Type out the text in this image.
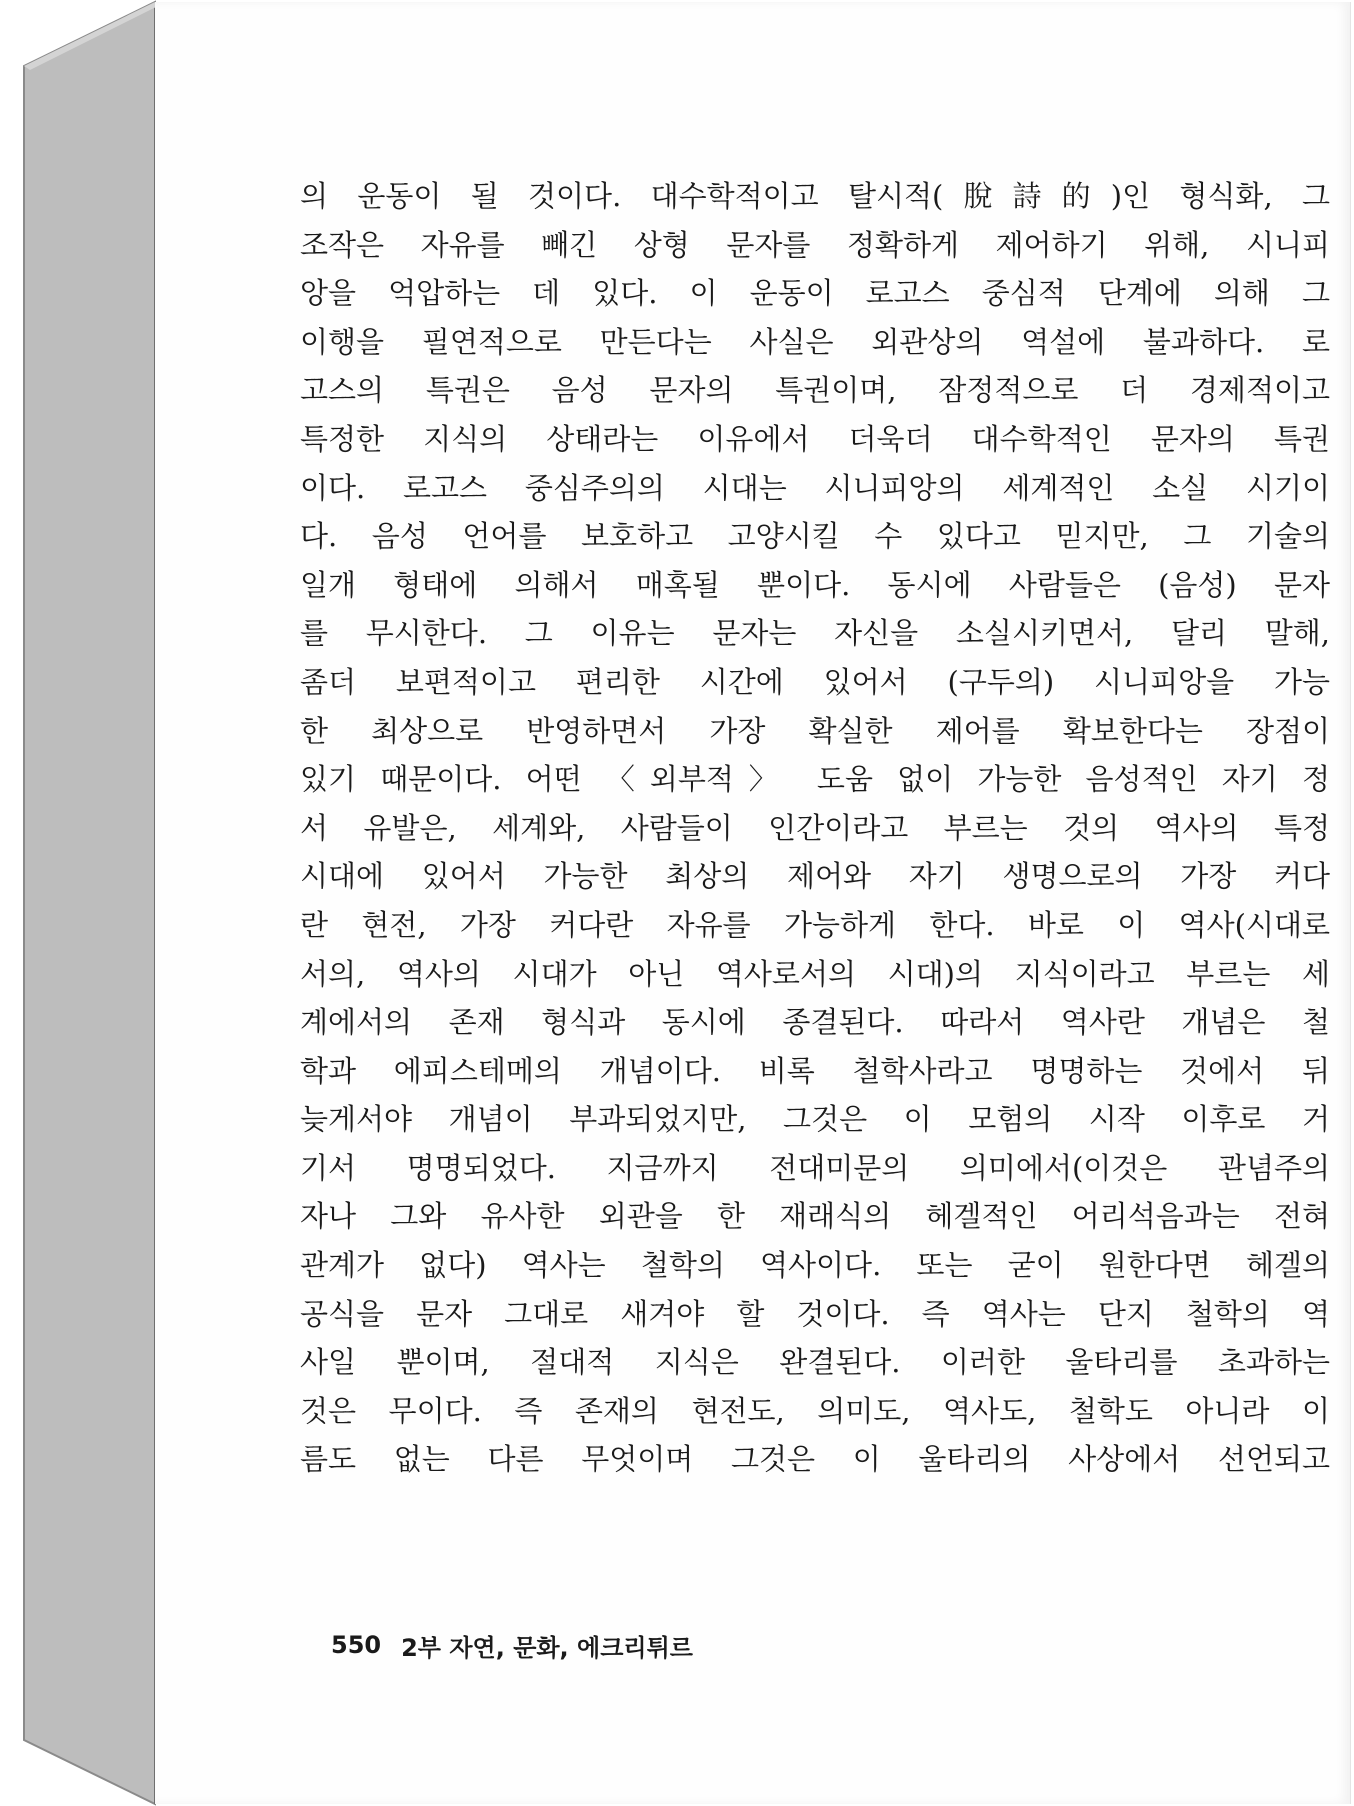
의 운동이 될 것이다. 대수학적이고 탈시적(脫詩的)인 형식화, 그
조작은 자유를 빼긴 상형 문자를 정확하게 제어하기 위해, 시니피
앙을 억압하는 데 있다. 이 운동이 로고스 중심적 단계에 의해 그
이행을 필연적으로 만든다는 사실은 외관상의 역설에 불과하다. 로
고스의 특권은 음성 문자의 특권이며, 잠정적으로 더 경제적이고
특정한 지식의 상태라는 이유에서 더욱더 대수학적인 문자의 특권
이다. 로고스 중심주의의 시대는 시니피앙의 세계적인 소실 시기이
다. 음성 언어를 보호하고 고양시킬 수 있다고 믿지만, 그 기술의
일개 형태에 의해서 매혹될 뿐이다. 동시에 사람들은 (음성) 문자
를 무시한다. 그 이유는 문자는 자신을 소실시키면서, 달리 말해,
좀더 보편적이고 편리한 시간에 있어서 (구두의) 시니피앙을 가능
한 최상으로 반영하면서 가장 확실한 제어를 확보한다는 장점이
있기 때문이다. 어떤 〈외부적〉 도움 없이 가능한 음성적인 자기 정
서 유발은, 세계와, 사람들이 인간이라고 부르는 것의 역사의 특정
시대에 있어서 가능한 최상의 제어와 자기 생명으로의 가장 커다
란 현전, 가장 커다란 자유를 가능하게 한다. 바로 이 역사(시대로
서의, 역사의 시대가 아닌 역사로서의 시대)의 지식이라고 부르는 세
계에서의 존재 형식과 동시에 종결된다. 따라서 역사란 개념은 철
학과 에피스테메의 개념이다. 비록 철학사라고 명명하는 것에서 뒤
늦게서야 개념이 부과되었지만, 그것은 이 모험의 시작 이후로 거
기서 명명되었다. 지금까지 전대미문의 의미에서(이것은 관념주의
자나 그와 유사한 외관을 한 재래식의 헤겔적인 어리석음과는 전혀
관계가 없다) 역사는 철학의 역사이다. 또는 굳이 원한다면 헤겔의
공식을 문자 그대로 새겨야 할 것이다. 즉 역사는 단지 철학의 역
사일 뿐이며, 절대적 지식은 완결된다. 이러한 울타리를 초과하는
것은 무이다. 즉 존재의 현전도, 의미도, 역사도, 철학도 아니라 이
름도 없는 다른 무엇이며 그것은 이 울타리의 사상에서 선언되고
550 2부 자연, 문화, 에크리튀르
